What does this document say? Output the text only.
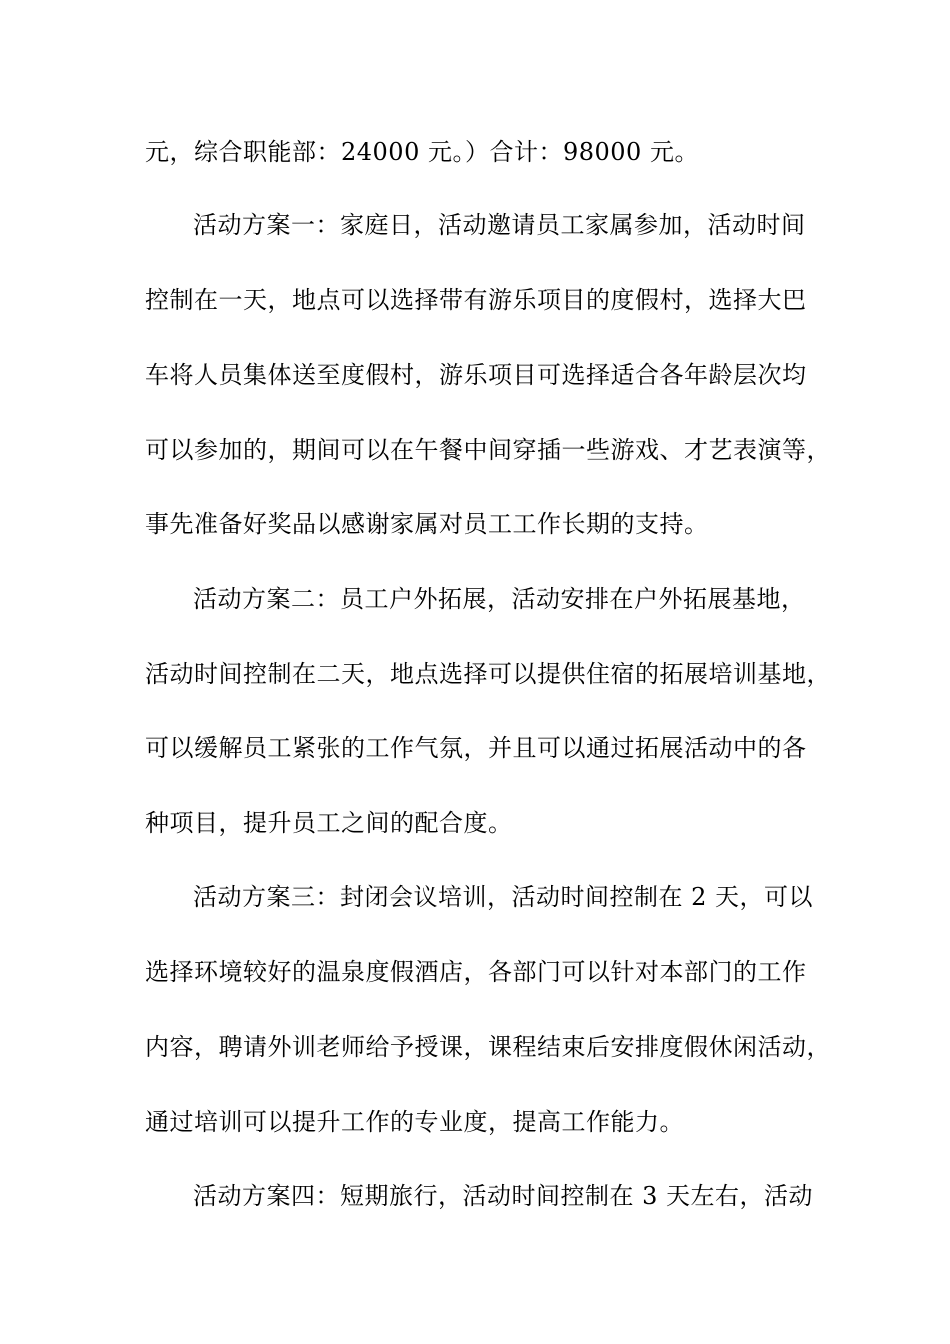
元，综合职能部：24000 元。）合计：98000 元。
活动方案一：家庭日，活动邀请员工家属参加，活动时间
控制在一天，地点可以选择带有游乐项目的度假村，选择大巴
车将人员集体送至度假村，游乐项目可选择适合各年龄层次均
可以参加的，期间可以在午餐中间穿插一些游戏、才艺表演等，
事先准备好奖品以感谢家属对员工工作长期的支持。
活动方案二：员工户外拓展，活动安排在户外拓展基地，
活动时间控制在二天，地点选择可以提供住宿的拓展培训基地，
可以缓解员工紧张的工作气氛，并且可以通过拓展活动中的各
种项目，提升员工之间的配合度。
活动方案三：封闭会议培训，活动时间控制在 2 天，可以
选择环境较好的温泉度假酒店，各部门可以针对本部门的工作
内容，聘请外训老师给予授课，课程结束后安排度假休闲活动，
通过培训可以提升工作的专业度，提高工作能力。
活动方案四：短期旅行，活动时间控制在 3 天左右，活动
